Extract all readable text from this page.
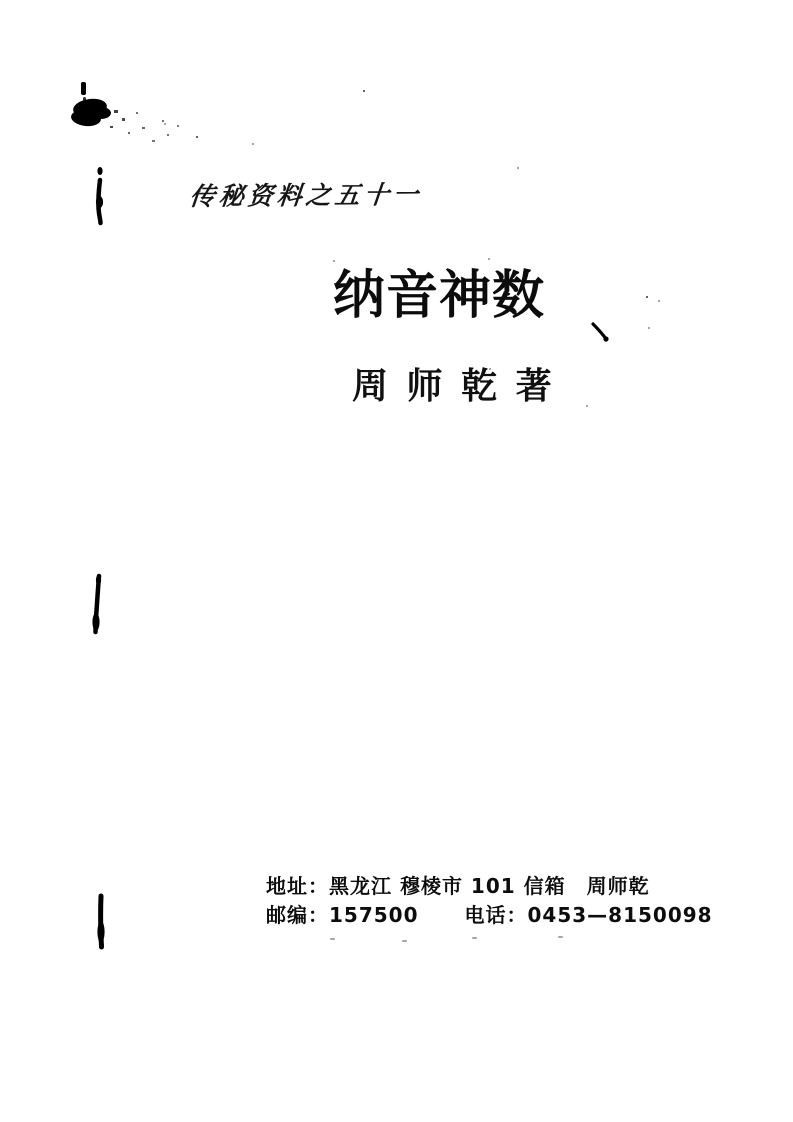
传秘资料之五十一
纳音神数
周 师 乾 著
地址：黑龙江 穆棱市 101 信箱　周师乾
邮编：157500 电话：0453—8150098
